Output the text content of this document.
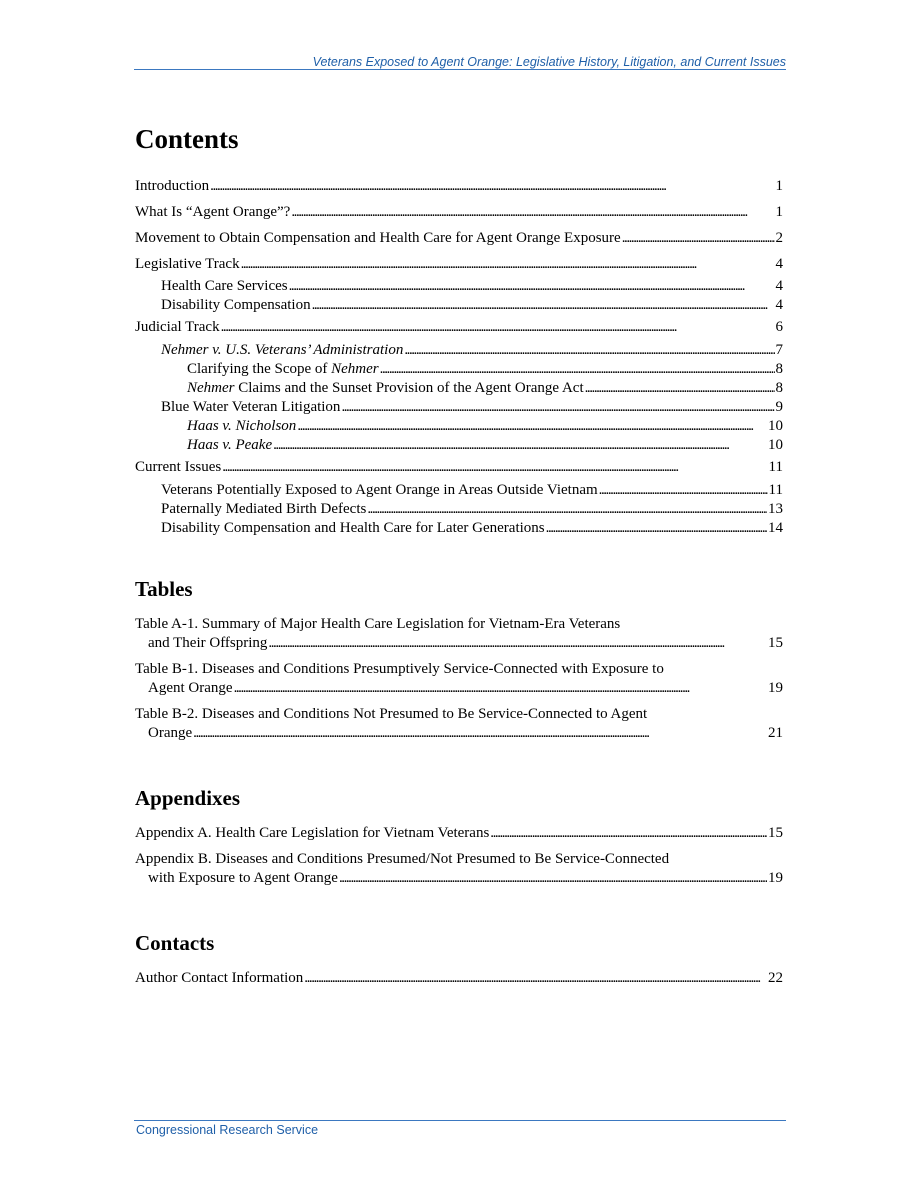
Veterans Exposed to Agent Orange: Legislative History, Litigation, and Current Issues
Contents
Introduction . . .	1
What Is “Agent Orange”? . . .	1
Movement to Obtain Compensation and Health Care for Agent Orange Exposure . . .	2
Legislative Track . . .	4
Health Care Services . . .	4
Disability Compensation . . .	4
Judicial Track . . .	6
Nehmer v. U.S. Veterans’ Administration . . .	7
Clarifying the Scope of Nehmer . . .	8
Nehmer Claims and the Sunset Provision of the Agent Orange Act . . .	8
Blue Water Veteran Litigation . . .	9
Haas v. Nicholson . . .	10
Haas v. Peake . . .	10
Current Issues . . .	11
Veterans Potentially Exposed to Agent Orange in Areas Outside Vietnam . . .	11
Paternally Mediated Birth Defects . . .	13
Disability Compensation and Health Care for Later Generations . . .	14
Tables
Table A-1. Summary of Major Health Care Legislation for Vietnam-Era Veterans
and Their Offspring . . .	15
Table B-1. Diseases and Conditions Presumptively Service-Connected with Exposure to
Agent Orange . . .	19
Table B-2. Diseases and Conditions Not Presumed to Be Service-Connected to Agent
Orange . . .	21
Appendixes
Appendix A. Health Care Legislation for Vietnam Veterans . . .	15
Appendix B. Diseases and Conditions Presumed/Not Presumed to Be Service-Connected
with Exposure to Agent Orange . . .	19
Contacts
Author Contact Information . . .	22
Congressional Research Service
